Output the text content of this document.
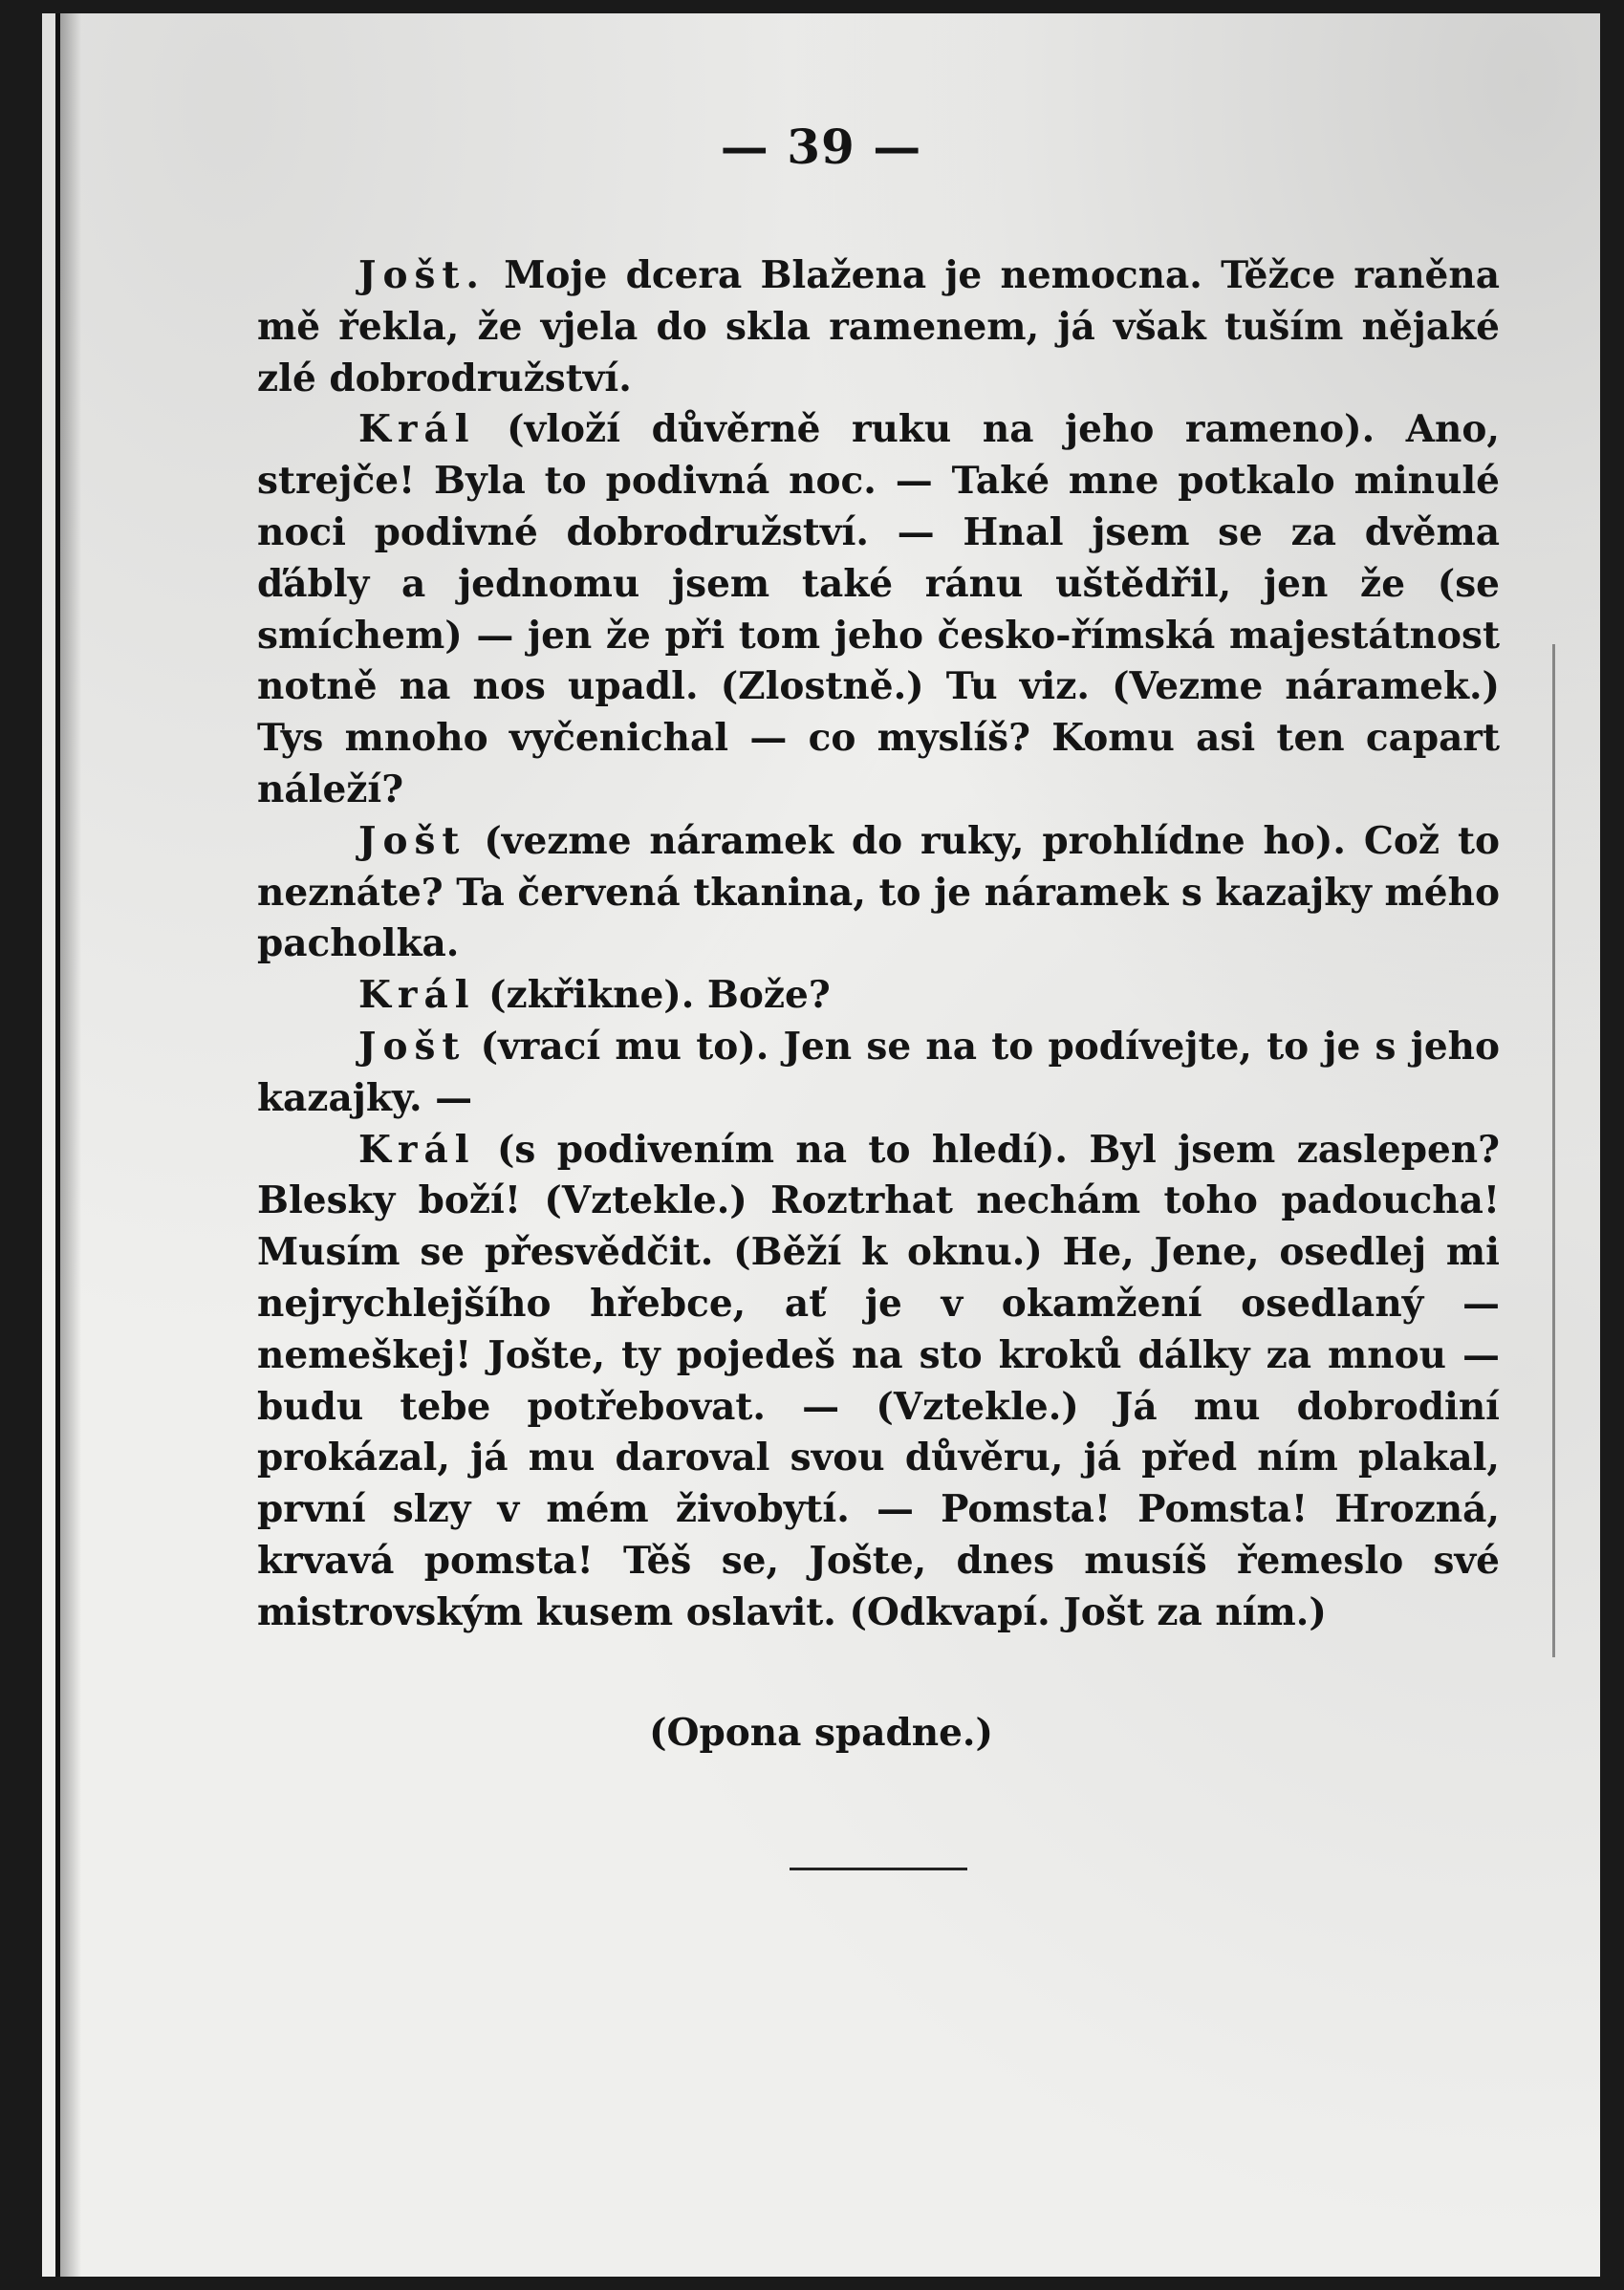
— 39 —

Jošt. Moje dcera Blažena je nemocna. Těžce raněna mě řekla, že vjela do skla ramenem, já však tuším nějaké zlé dobrodružství.

Král (vloží důvěrně ruku na jeho rameno). Ano, strejče! Byla to podivná noc. — Také mne potkalo minulé noci podivné dobrodružství. — Hnal jsem se za dvěma ďábly a jednomu jsem také ránu uštědřil, jen že (se smíchem) — jen že při tom jeho česko-římská majestátnost notně na nos upadl. (Zlostně.) Tu viz. (Vezme náramek.) Tys mnoho vyčenichal — co myslíš? Komu asi ten capart náleží?

Jošt (vezme náramek do ruky, prohlídne ho). Což to neznáte? Ta červená tkanina, to je náramek s kazajky mého pacholka.

Král (zkřikne). Bože?

Jošt (vrací mu to). Jen se na to podívejte, to je s jeho kazajky. —

Král (s podivením na to hledí). Byl jsem zaslepen? Blesky boží! (Vztekle.) Roztrhat nechám toho padoucha! Musím se přesvědčit. (Běží k oknu.) He, Jene, osedlej mi nejrychlejšího hřebce, ať je v okamžení osedlaný — nemeškej! Jošte, ty pojedeš na sto kroků dálky za mnou — budu tebe potřebovat. — (Vztekle.) Já mu dobrodiní prokázal, já mu daroval svou důvěru, já před ním plakal, první slzy v mém živobytí. — Pomsta! Pomsta! Hrozná, krvavá pomsta! Těš se, Jošte, dnes musíš řemeslo své mistrovským kusem oslavit. (Odkvapí. Jošt za ním.)

(Opona spadne.)
